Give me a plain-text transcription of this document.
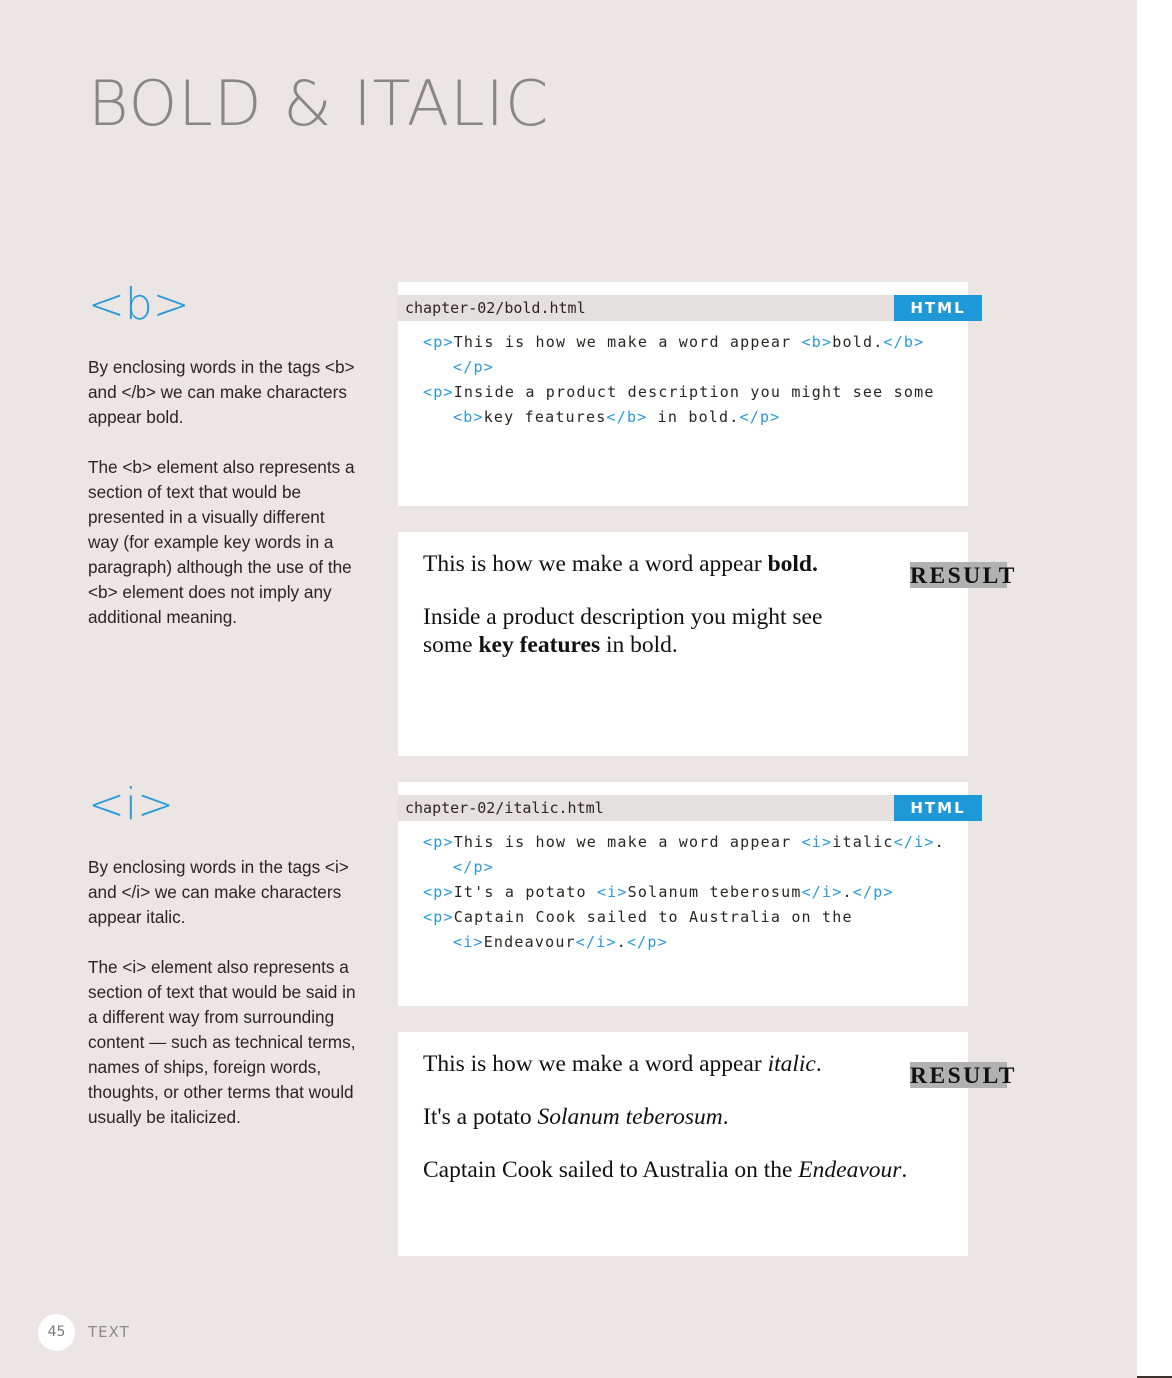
BOLD & ITALIC
<b>

By enclosing words in the tags <b> and </b> we can make characters appear bold.

The <b> element also represents a section of text that would be presented in a visually different way (for example key words in a paragraph) although the use of the <b> element does not imply any additional meaning.

chapter-02/bold.html	HTML
<p>This is how we make a word appear <b>bold.</b>
</p>
<p>Inside a product description you might see some
<b>key features</b> in bold.</p>
RESULT

This is how we make a word appear bold.

Inside a product description you might see

some key features in bold.

<i>

By enclosing words in the tags <i> and </i> we can make characters appear italic.

The <i> element also represents a section of text that would be said in a different way from surrounding content — such as technical terms, names of ships, foreign words, thoughts, or other terms that would usually be italicized.

chapter-02/italic.html	HTML
<p>This is how we make a word appear <i>italic</i>.
</p>
<p>It's a potato <i>Solanum teberosum</i>.</p>
<p>Captain Cook sailed to Australia on the
<i>Endeavour</i>.</p>
RESULT

This is how we make a word appear italic.

It's a potato Solanum teberosum.

Captain Cook sailed to Australia on the Endeavour.

45	TEXT
